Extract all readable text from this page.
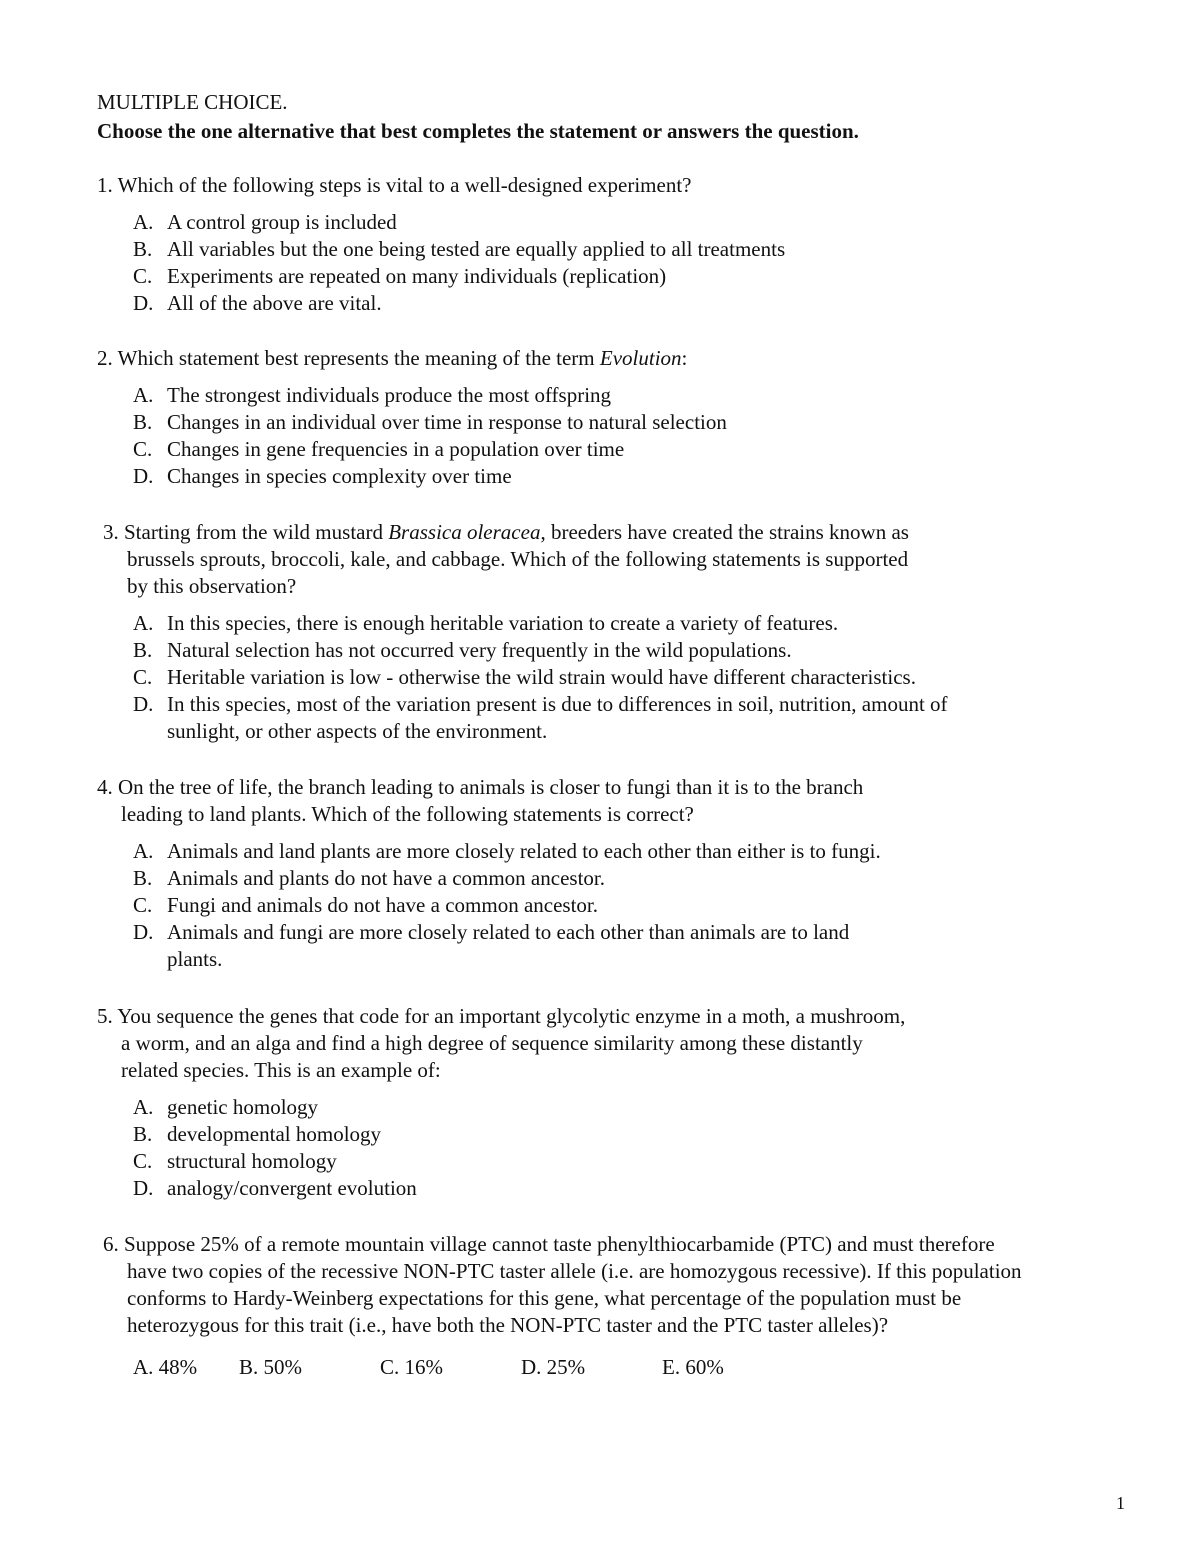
MULTIPLE CHOICE.
Choose the one alternative that best completes the statement or answers the question.
1. Which of the following steps is vital to a well-designed experiment?
A. A control group is included
B. All variables but the one being tested are equally applied to all treatments
C. Experiments are repeated on many individuals (replication)
D. All of the above are vital.
2. Which statement best represents the meaning of the term Evolution:
A. The strongest individuals produce the most offspring
B. Changes in an individual over time in response to natural selection
C. Changes in gene frequencies in a population over time
D. Changes in species complexity over time
3. Starting from the wild mustard Brassica oleracea, breeders have created the strains known as
brussels sprouts, broccoli, kale, and cabbage. Which of the following statements is supported
by this observation?
A. In this species, there is enough heritable variation to create a variety of features.
B. Natural selection has not occurred very frequently in the wild populations.
C. Heritable variation is low - otherwise the wild strain would have different characteristics.
D. In this species, most of the variation present is due to differences in soil, nutrition, amount of
sunlight, or other aspects of the environment.
4. On the tree of life, the branch leading to animals is closer to fungi than it is to the branch
leading to land plants. Which of the following statements is correct?
A. Animals and land plants are more closely related to each other than either is to fungi.
B. Animals and plants do not have a common ancestor.
C. Fungi and animals do not have a common ancestor.
D. Animals and fungi are more closely related to each other than animals are to land
plants.
5. You sequence the genes that code for an important glycolytic enzyme in a moth, a mushroom,
a worm, and an alga and find a high degree of sequence similarity among these distantly
related species. This is an example of:
A. genetic homology
B. developmental homology
C. structural homology
D. analogy/convergent evolution
6. Suppose 25% of a remote mountain village cannot taste phenylthiocarbamide (PTC) and must therefore
have two copies of the recessive NON-PTC taster allele (i.e. are homozygous recessive). If this population
conforms to Hardy-Weinberg expectations for this gene, what percentage of the population must be
heterozygous for this trait (i.e., have both the NON-PTC taster and the PTC taster alleles)?
A. 48% B. 50%	C. 16%	D. 25%	E. 60%
1
